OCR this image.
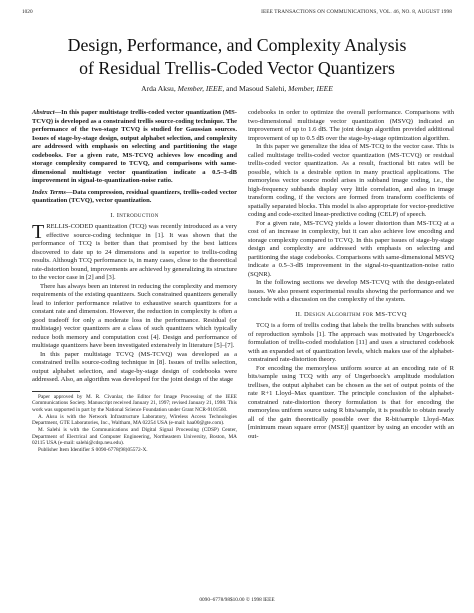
1020	IEEE TRANSACTIONS ON COMMUNICATIONS, VOL. 46, NO. 8, AUGUST 1998
Design, Performance, and Complexity Analysis
of Residual Trellis-Coded Vector Quantizers
Arda Aksu, Member, IEEE, and Masoud Salehi, Member, IEEE
Abstract—In this paper multistage trellis-coded vector quantization (MS-TCVQ) is developed as a constrained trellis source-coding technique. The performance of the two-stage TCVQ is studied for Gaussian sources. Issues of stage-by-stage design, output alphabet selection, and complexity are addressed with emphasis on selecting and partitioning the stage codebooks. For a given rate, MS-TCVQ achieves low encoding and storage complexity compared to TCVQ, and comparisons with same-dimensional multistage vector quantization indicate a 0.5–3-dB improvement in signal-to-quantization-noise ratio.
Index Terms—Data compression, residual quantizers, trellis-coded vector quantization (TCVQ), vector quantization.
I. Introduction

TRELLIS-CODED quantization (TCQ) was recently introduced as a very effective source-coding technique in [1]. It was shown that the performance of TCQ is better than that promised by the best lattices discovered to date up to 24 dimensions and is superior to trellis-coding results. Although TCQ performance is, in many cases, close to the theoretical rate-distortion bound, improvements are achieved by generalizing its structure to the vector case in [2] and [3].

There has always been an interest in reducing the complexity and memory requirements of the existing quantizers. Such constrained quantizers generally lead to inferior performance relative to exhaustive search quantizers for a constant rate and dimension. However, the reduction in complexity is often a good tradeoff for only a moderate loss in the performance. Residual (or multistage) vector quantizers are a class of such quantizers which typically reduce both memory and computation cost [4]. Design and performance of multistage quantizers have been investigated extensively in literature [5]–[7].

In this paper multistage TCVQ (MS-TCVQ) was developed as a constrained trellis source-coding technique in [8]. Issues of trellis selection, output alphabet selection, and stage-by-stage design of codebooks were addressed. Also, an algorithm was developed for the joint design of the stage

Paper approved by M. R. Civanlar, the Editor for Image Processing of the IEEE Communications Society. Manuscript received January 21, 1997; revised January 21, 1998. This work was supported in part by the National Science Foundation under Grant NCR-9101560.
A. Aksu is with the Network Infrastructure Laboratory, Wireless Access Technologies Department, GTE Laboratories, Inc., Waltham, MA 02254 USA (e-mail: haa00@gte.com).
M. Salehi is with the Communications and Digital Signal Processing (CDSP) Center, Department of Electrical and Computer Engineering, Northeastern University, Boston, MA 02115 USA (e-mail: salehi@cdsp.neu.edu).
Publisher Item Identifier S 0090-6778(98)05572-X.

codebooks in order to optimize the overall performance. Comparisons with two-dimensional multistage vector quantization (MSVQ) indicated an improvement of up to 1.6 dB. The joint design algorithm provided additional improvement of up to 0.5 dB over the stage-by-stage optimization algorithm.

In this paper we generalize the idea of MS-TCQ to the vector case. This is called multistage trellis-coded vector quantization (MS-TCVQ) or residual trellis-coded vector quantization. As a result, fractional bit rates will be possible, which is a desirable option in many practical applications. The memoryless vector source model arises in subband image coding, i.e., the high-frequency subbands display very little correlation, and also in image transform coding, if the vectors are formed from transform coefficients of spatially separated blocks. This model is also appropriate for vector-predictive coding and code-excited linear-predictive coding (CELP) of speech.

For a given rate, MS-TCVQ yields a lower distortion than MS-TCQ at a cost of an increase in complexity, but it can also achieve low encoding and storage complexity compared to TCVQ. In this paper issues of stage-by-stage design and complexity are addressed with emphasis on selecting and partitioning the stage codebooks. Comparisons with same-dimensional MSVQ indicate a 0.5–3-dB improvement in the signal-to-quantization-noise ratio (SQNR).

In the following sections we develop MS-TCVQ with the design-related issues. We also present experimental results showing the performance and we conclude with a discussion on the complexity of the system.

II. Design Algorithm for MS-TCVQ

TCQ is a form of trellis coding that labels the trellis branches with subsets of reproduction symbols [1]. The approach was motivated by Ungerboeck's formulation of trellis-coded modulation [11] and uses a structured codebook with an expanded set of quantization levels, which makes use of the alphabet-constrained rate-distortion theory.

For encoding the memoryless uniform source at an encoding rate of R bits/sample using TCQ with any of Ungerboeck's amplitude modulation trellises, the output alphabet can be chosen as the set of output points of the rate R+1 Lloyd–Max quantizer. The principle conclusion of the alphabet-constrained rate-distortion theory formulation is that for encoding the memoryless uniform source using R bits/sample, it is possible to obtain nearly all of the gain theoretically possible over the R-bit/sample Lloyd–Max [minimum mean square error (MSE)] quantizer by using an encoder with an out-

0090–6778/98$10.00 © 1998 IEEE
